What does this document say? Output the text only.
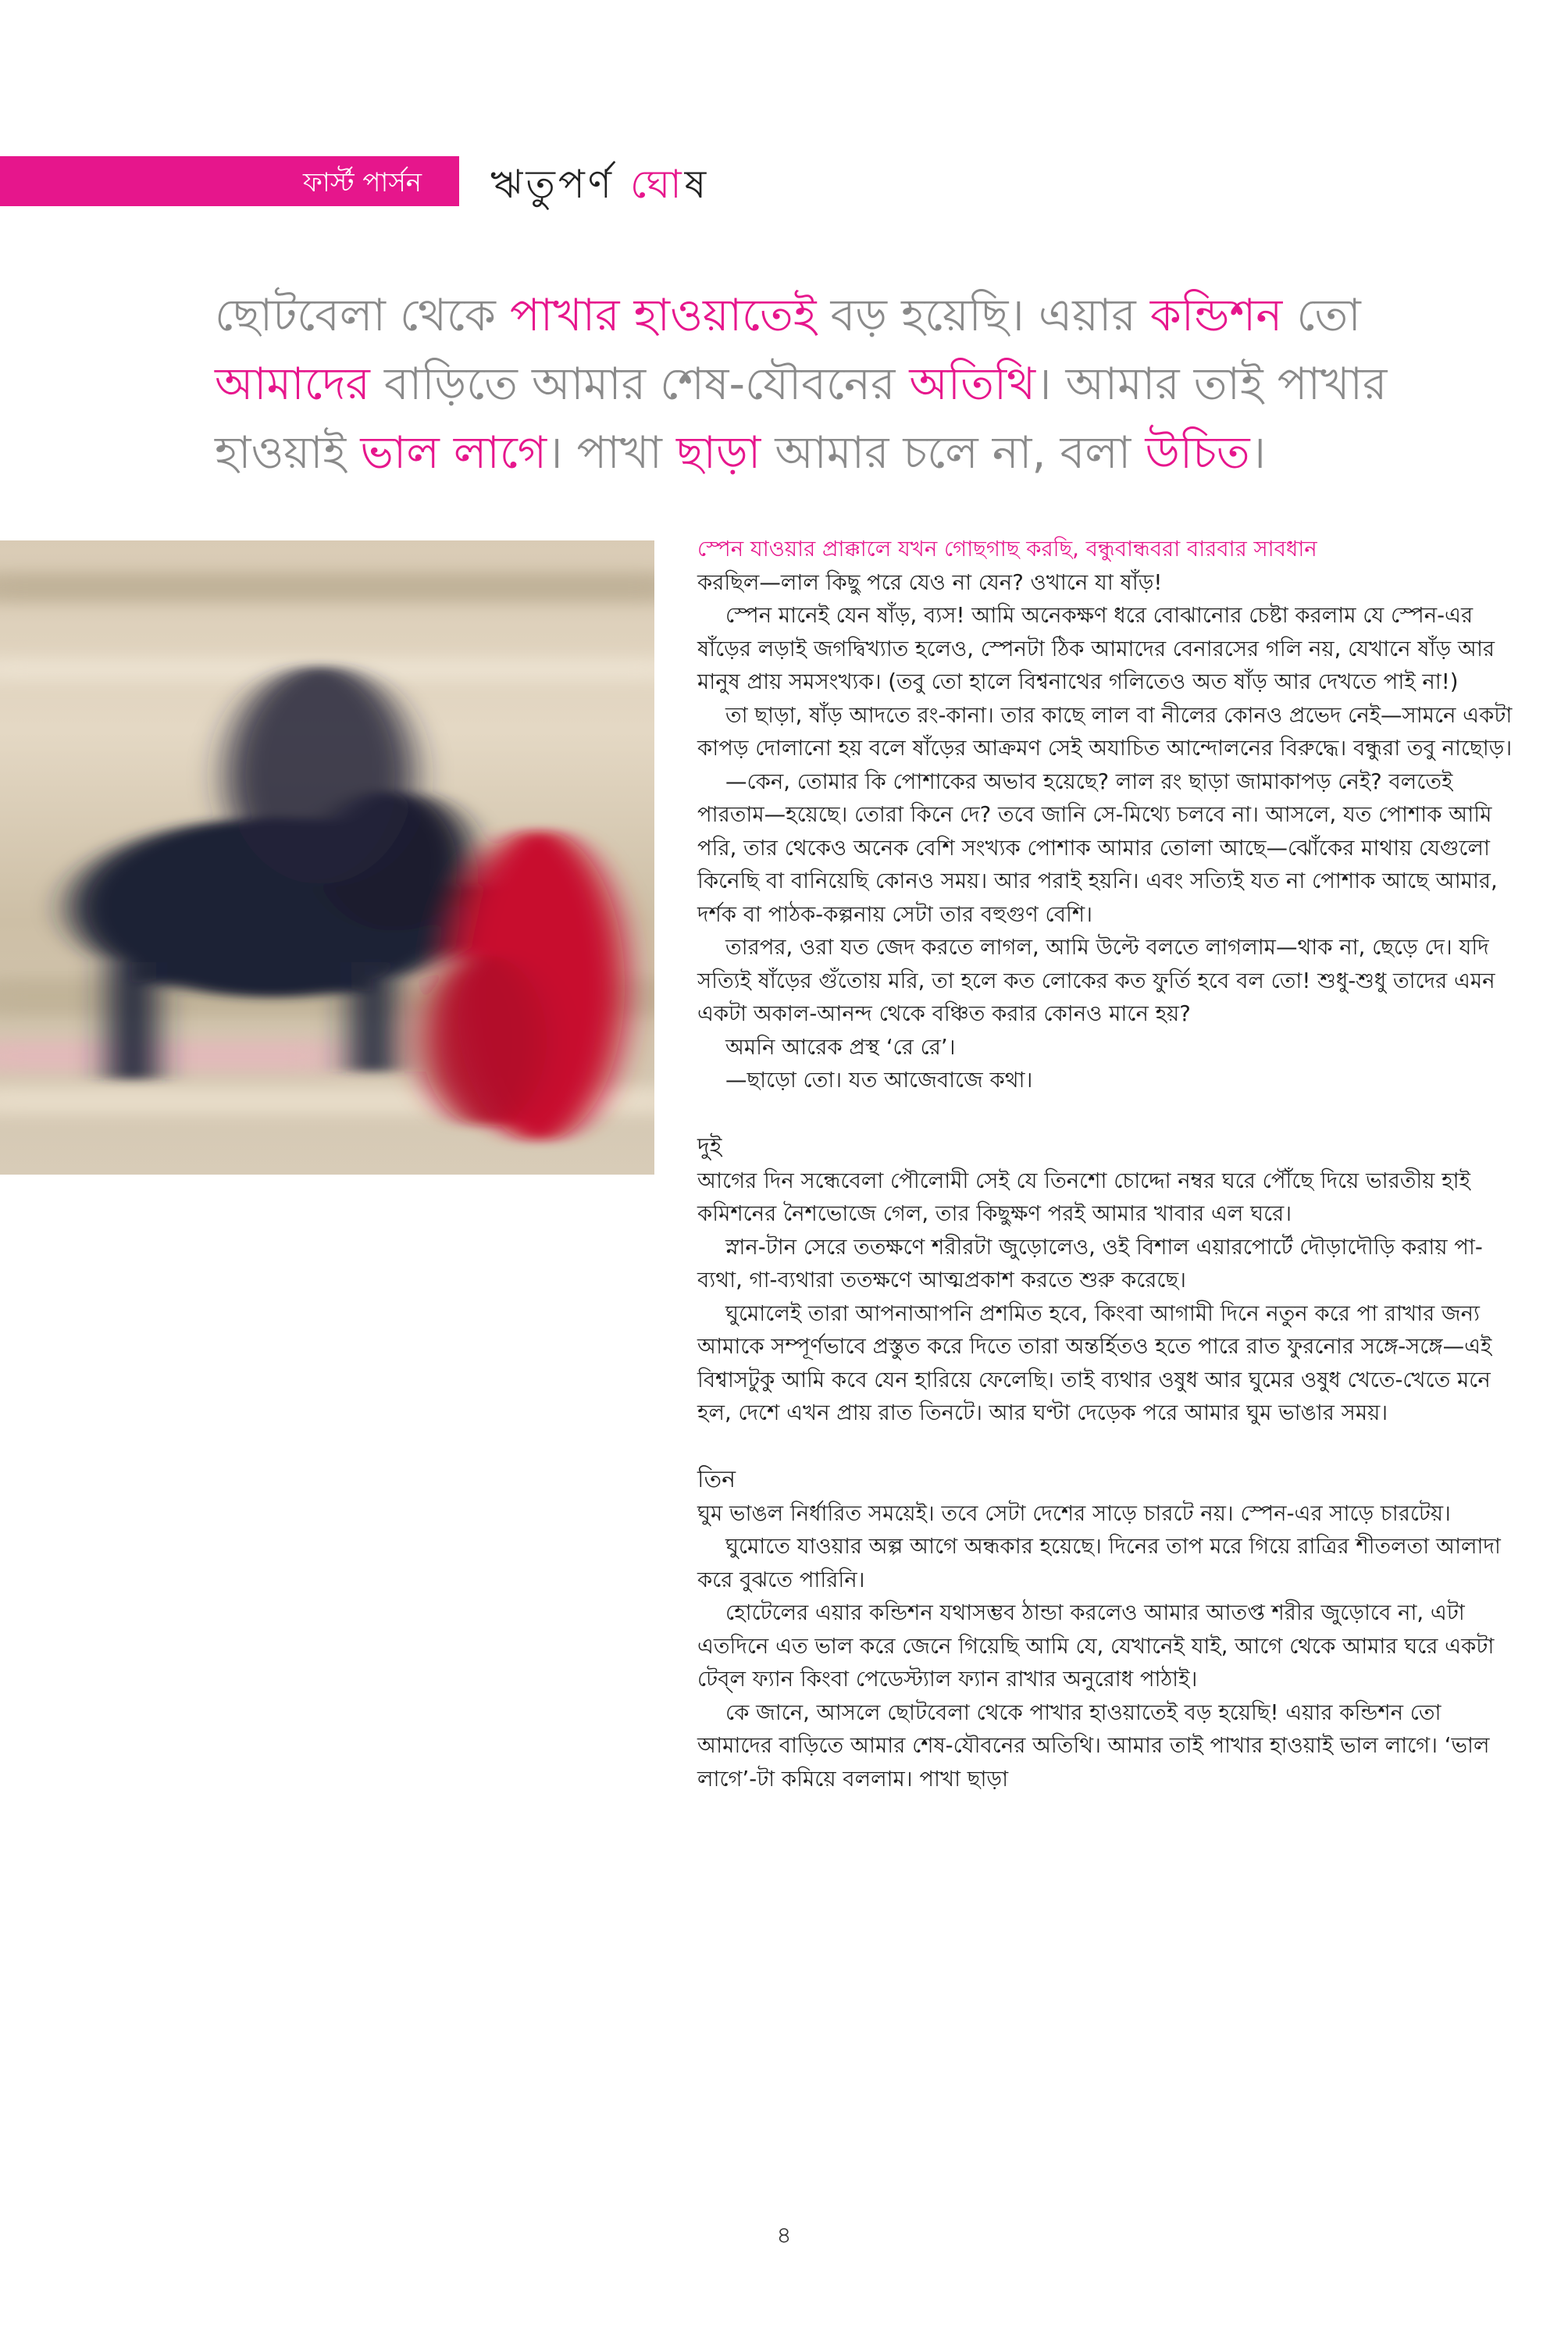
ফার্স্ট পার্সন ঋতুপর্ণ ঘোষ

ছোটবেলা থেকে পাখার হাওয়াতেই বড় হয়েছি। এয়ার কন্ডিশন তো আমাদের বাড়িতে আমার শেষ-যৌবনের অতিথি। আমার তাই পাখার হাওয়াই ভাল লাগে। পাখা ছাড়া আমার চলে না, বলা উচিত।

স্পেন যাওয়ার প্রাক্কালে যখন গোছগাছ করছি, বন্ধুবান্ধবরা বারবার সাবধান

করছিল—লাল কিছু পরে যেও না যেন? ওখানে যা ষাঁড়!

স্পেন মানেই যেন ষাঁড়, ব্যস! আমি অনেকক্ষণ ধরে বোঝানোর চেষ্টা করলাম যে স্পেন-এর ষাঁড়ের লড়াই জগদ্বিখ্যাত হলেও, স্পেনটা ঠিক আমাদের বেনারসের গলি নয়, যেখানে ষাঁড় আর মানুষ প্রায় সমসংখ্যক। (তবু তো হালে বিশ্বনাথের গলিতেও অত ষাঁড় আর দেখতে পাই না!)

তা ছাড়া, ষাঁড় আদতে রং-কানা। তার কাছে লাল বা নীলের কোনও প্রভেদ নেই—সামনে একটা কাপড় দোলানো হয় বলে ষাঁড়ের আক্রমণ সেই অযাচিত আন্দোলনের বিরুদ্ধে। বন্ধুরা তবু নাছোড়।

—কেন, তোমার কি পোশাকের অভাব হয়েছে? লাল রং ছাড়া জামাকাপড় নেই? বলতেই পারতাম—হয়েছে। তোরা কিনে দে? তবে জানি সে-মিথ্যে চলবে না। আসলে, যত পোশাক আমি পরি, তার থেকেও অনেক বেশি সংখ্যক পোশাক আমার তোলা আছে—ঝোঁকের মাথায় যেগুলো কিনেছি বা বানিয়েছি কোনও সময়। আর পরাই হয়নি। এবং সত্যিই যত না পোশাক আছে আমার, দর্শক বা পাঠক-কল্পনায় সেটা তার বহুগুণ বেশি।

তারপর, ওরা যত জেদ করতে লাগল, আমি উল্টে বলতে লাগলাম—থাক না, ছেড়ে দে। যদি সত্যিই ষাঁড়ের গুঁতোয় মরি, তা হলে কত লোকের কত ফুর্তি হবে বল তো! শুধু-শুধু তাদের এমন একটা অকাল-আনন্দ থেকে বঞ্চিত করার কোনও মানে হয়?

অমনি আরেক প্রস্থ ‘রে রে’।

—ছাড়ো তো। যত আজেবাজে কথা।

দুই

আগের দিন সন্ধেবেলা পৌলোমী সেই যে তিনশো চোদ্দো নম্বর ঘরে পৌঁছে দিয়ে ভারতীয় হাই কমিশনের নৈশভোজে গেল, তার কিছুক্ষণ পরই আমার খাবার এল ঘরে।

স্নান-টান সেরে ততক্ষণে শরীরটা জুড়োলেও, ওই বিশাল এয়ারপোর্টে দৌড়াদৌড়ি করায় পা-ব্যথা, গা-ব্যথারা ততক্ষণে আত্মপ্রকাশ করতে শুরু করেছে।

ঘুমোলেই তারা আপনাআপনি প্রশমিত হবে, কিংবা আগামী দিনে নতুন করে পা রাখার জন্য আমাকে সম্পূর্ণভাবে প্রস্তুত করে দিতে তারা অন্তর্হিতও হতে পারে রাত ফুরনোর সঙ্গে-সঙ্গে—এই বিশ্বাসটুকু আমি কবে যেন হারিয়ে ফেলেছি। তাই ব্যথার ওষুধ আর ঘুমের ওষুধ খেতে-খেতে মনে হল, দেশে এখন প্রায় রাত তিনটে। আর ঘণ্টা দেড়েক পরে আমার ঘুম ভাঙার সময়।

তিন

ঘুম ভাঙল নির্ধারিত সময়েই। তবে সেটা দেশের সাড়ে চারটে নয়। স্পেন-এর সাড়ে চারটেয়।

ঘুমোতে যাওয়ার অল্প আগে অন্ধকার হয়েছে। দিনের তাপ মরে গিয়ে রাত্রির শীতলতা আলাদা করে বুঝতে পারিনি।

হোটেলের এয়ার কন্ডিশন যথাসম্ভব ঠান্ডা করলেও আমার আতপ্ত শরীর জুড়োবে না, এটা এতদিনে এত ভাল করে জেনে গিয়েছি আমি যে, যেখানেই যাই, আগে থেকে আমার ঘরে একটা টেব্‌ল ফ্যান কিংবা পেডেস্ট্যাল ফ্যান রাখার অনুরোধ পাঠাই।

কে জানে, আসলে ছোটবেলা থেকে পাখার হাওয়াতেই বড় হয়েছি! এয়ার কন্ডিশন তো আমাদের বাড়িতে আমার শেষ-যৌবনের অতিথি। আমার তাই পাখার হাওয়াই ভাল লাগে। ‘ভাল লাগে’-টা কমিয়ে বললাম। পাখা ছাড়া

৪
